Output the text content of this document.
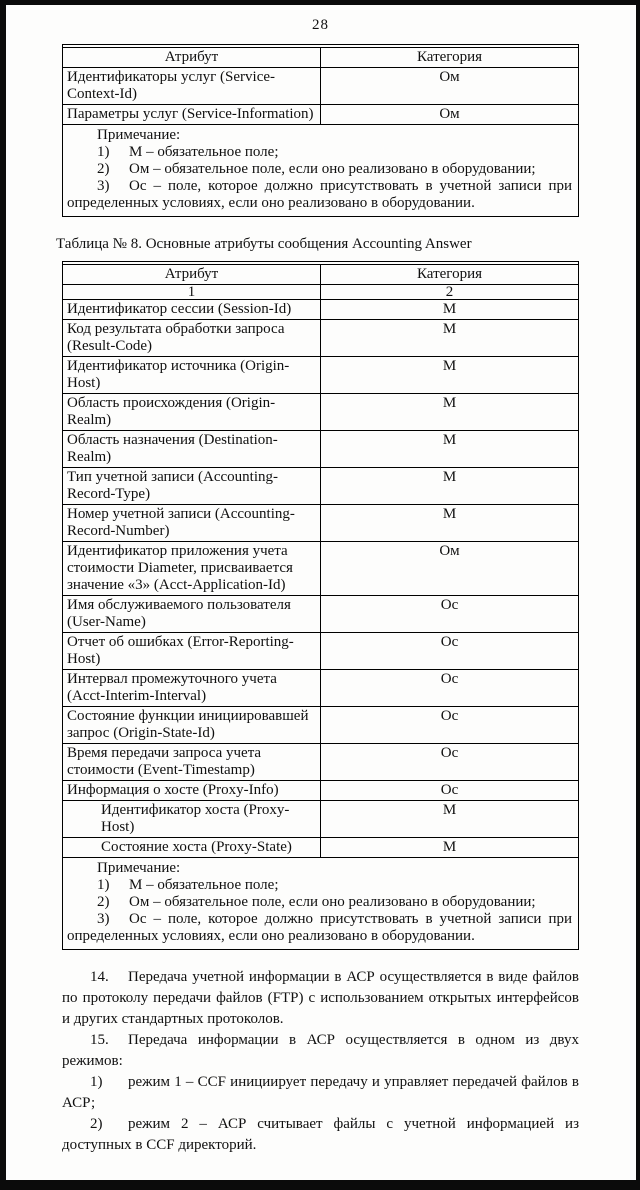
28

Атрибут	Категория
Идентификаторы услуг (Service-Context-Id)	Ом
Параметры услуг (Service-Information)	Ом

Примечание:
1) М – обязательное поле;
2) Ом – обязательное поле, если оно реализовано в оборудовании;
3) Ос – поле, которое должно присутствовать в учетной записи при определенных условиях, если оно реализовано в оборудовании.	
Таблица № 8. Основные атрибуты сообщения Accounting Answer

Атрибут	Категория
1	2
Идентификатор сессии (Session-Id)	М
Код результата обработки запроса (Result-Code)	М
Идентификатор источника (Origin-Host)	М
Область происхождения (Origin-Realm)	М
Область назначения (Destination-Realm)	М
Тип учетной записи (Accounting-Record-Type)	М
Номер учетной записи (Accounting-Record-Number)	М
Идентификатор приложения учета стоимости Diameter, присваивается значение «3» (Acct-Application-Id)	Ом
Имя обслуживаемого пользователя (User-Name)	Ос
Отчет об ошибках (Error-Reporting-Host)	Ос
Интервал промежуточного учета (Acct-Interim-Interval)	Ос
Состояние функции инициировавшей запрос (Origin-State-Id)	Ос
Время передачи запроса учета стоимости (Event-Timestamp)	Ос
Информация о хосте (Proxy-Info)	Ос
Идентификатор хоста (Proxy-Host)	М
Состояние хоста (Proxy-State)	М

Примечание:
1) М – обязательное поле;
2) Ом – обязательное поле, если оно реализовано в оборудовании;
3) Ос – поле, которое должно присутствовать в учетной записи при определенных условиях, если оно реализовано в оборудовании.	
14. Передача учетной информации в АСР осуществляется в виде файлов по протоколу передачи файлов (FTP) с использованием открытых интерфейсов и других стандартных протоколов.
15. Передача информации в АСР осуществляется в одном из двух режимов:
1) режим 1 – CCF инициирует передачу и управляет передачей файлов в АСР;
2) режим 2 – АСР считывает файлы с учетной информацией из доступных в CCF директорий.
